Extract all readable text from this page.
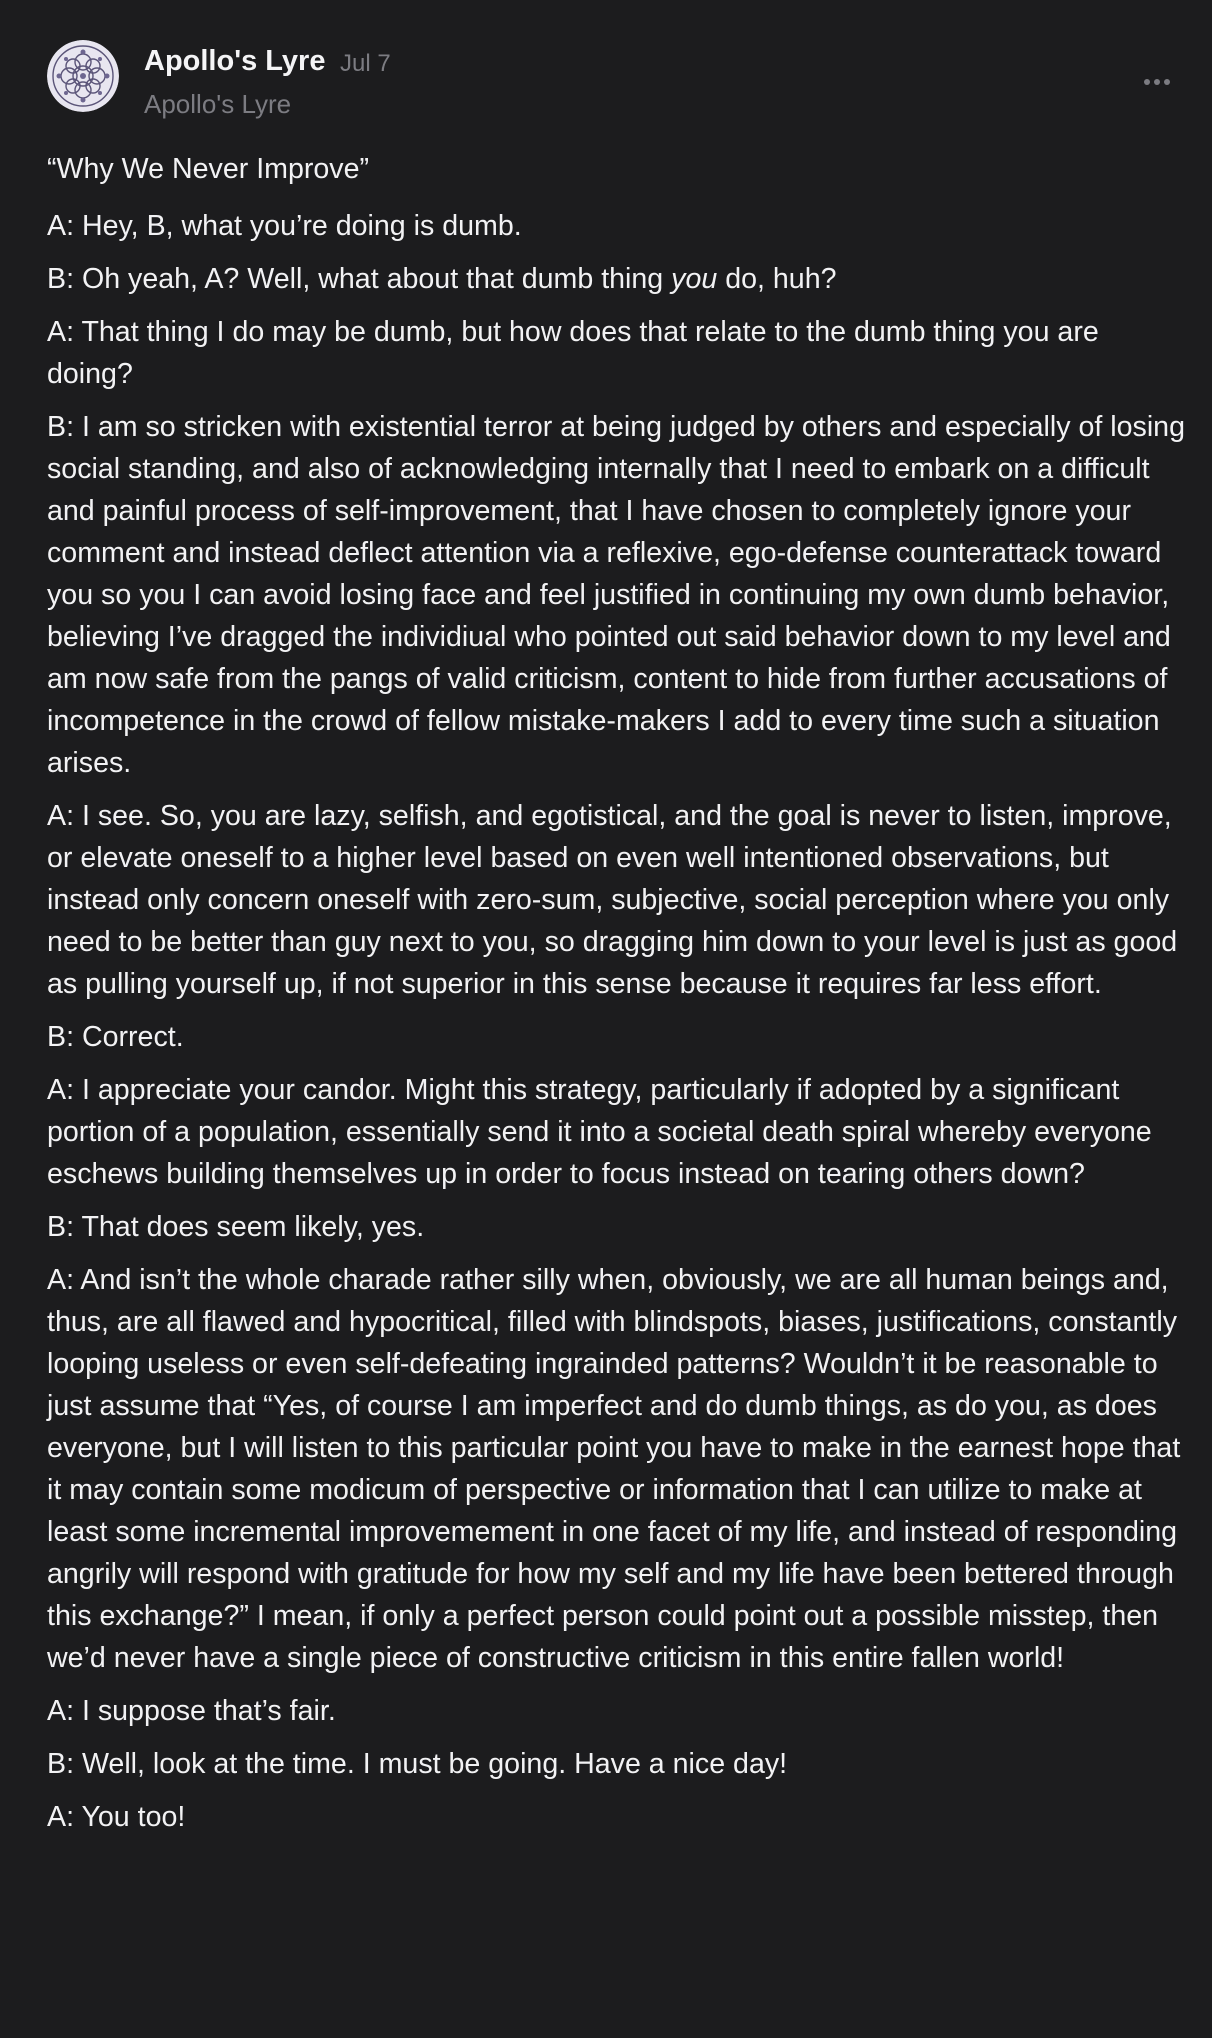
Apollo's Lyre Jul 7
Apollo's Lyre

“Why We Never Improve”

A: Hey, B, what you’re doing is dumb.

B: Oh yeah, A? Well, what about that dumb thing you do, huh?

A: That thing I do may be dumb, but how does that relate to the dumb thing you are doing?

B: I am so stricken with existential terror at being judged by others and especially of losing social standing, and also of acknowledging internally that I need to embark on a difficult and painful process of self-improvement, that I have chosen to completely ignore your comment and instead deflect attention via a reflexive, ego-defense counterattack toward you so you I can avoid losing face and feel justified in continuing my own dumb behavior, believing I’ve dragged the individiual who pointed out said behavior down to my level and am now safe from the pangs of valid criticism, content to hide from further accusations of incompetence in the crowd of fellow mistake-makers I add to every time such a situation arises.

A: I see. So, you are lazy, selfish, and egotistical, and the goal is never to listen, improve, or elevate oneself to a higher level based on even well intentioned observations, but instead only concern oneself with zero-sum, subjective, social perception where you only need to be better than guy next to you, so dragging him down to your level is just as good as pulling yourself up, if not superior in this sense because it requires far less effort.

B: Correct.

A: I appreciate your candor. Might this strategy, particularly if adopted by a significant portion of a population, essentially send it into a societal death spiral whereby everyone eschews building themselves up in order to focus instead on tearing others down?

B: That does seem likely, yes.

A: And isn’t the whole charade rather silly when, obviously, we are all human beings and, thus, are all flawed and hypocritical, filled with blindspots, biases, justifications, constantly looping useless or even self-defeating ingrainded patterns? Wouldn’t it be reasonable to just assume that “Yes, of course I am imperfect and do dumb things, as do you, as does everyone, but I will listen to this particular point you have to make in the earnest hope that it may contain some modicum of perspective or information that I can utilize to make at least some incremental improvemement in one facet of my life, and instead of responding angrily will respond with gratitude for how my self and my life have been bettered through this exchange?” I mean, if only a perfect person could point out a possible misstep, then we’d never have a single piece of constructive criticism in this entire fallen world!

A: I suppose that’s fair.

B: Well, look at the time. I must be going. Have a nice day!

A: You too!
